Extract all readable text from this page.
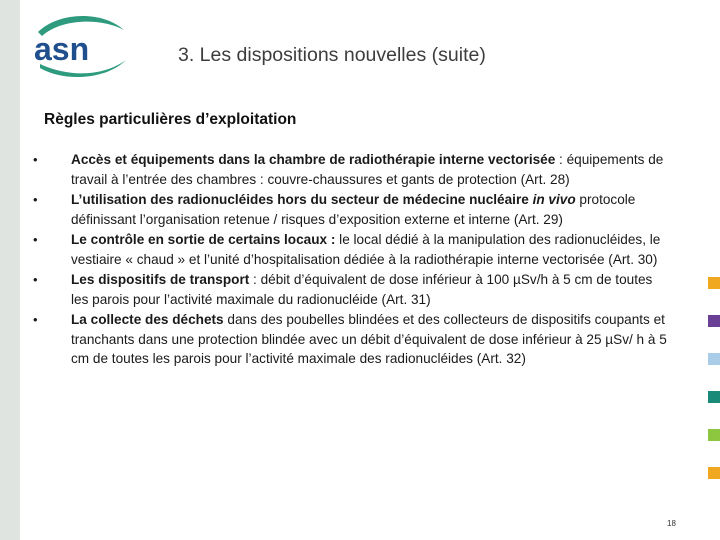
asn	3. Les dispositions nouvelles (suite)
Règles particulières d’exploitation
• Accès et équipements dans la chambre de radiothérapie interne vectorisée : équipements de travail à l’entrée des chambres : couvre-chaussures et gants de protection (Art. 28)
• L’utilisation des radionucléides hors du secteur de médecine nucléaire in vivo protocole définissant l’organisation retenue / risques d’exposition externe et interne (Art. 29)
• Le contrôle en sortie de certains locaux : le local dédié à la manipulation des radionucléides, le vestiaire « chaud » et l’unité d’hospitalisation dédiée à la radiothérapie interne vectorisée (Art. 30)
• Les dispositifs de transport : débit d’équivalent de dose inférieur à 100 µSv/h à 5 cm de toutes les parois pour l’activité maximale du radionucléide (Art. 31)
• La collecte des déchets dans des poubelles blindées et des collecteurs de dispositifs coupants et tranchants dans une protection blindée avec un débit d’équivalent de dose inférieur à 25 µSv/ h à 5 cm de toutes les parois pour l’activité maximale des radionucléides (Art. 32)
18
